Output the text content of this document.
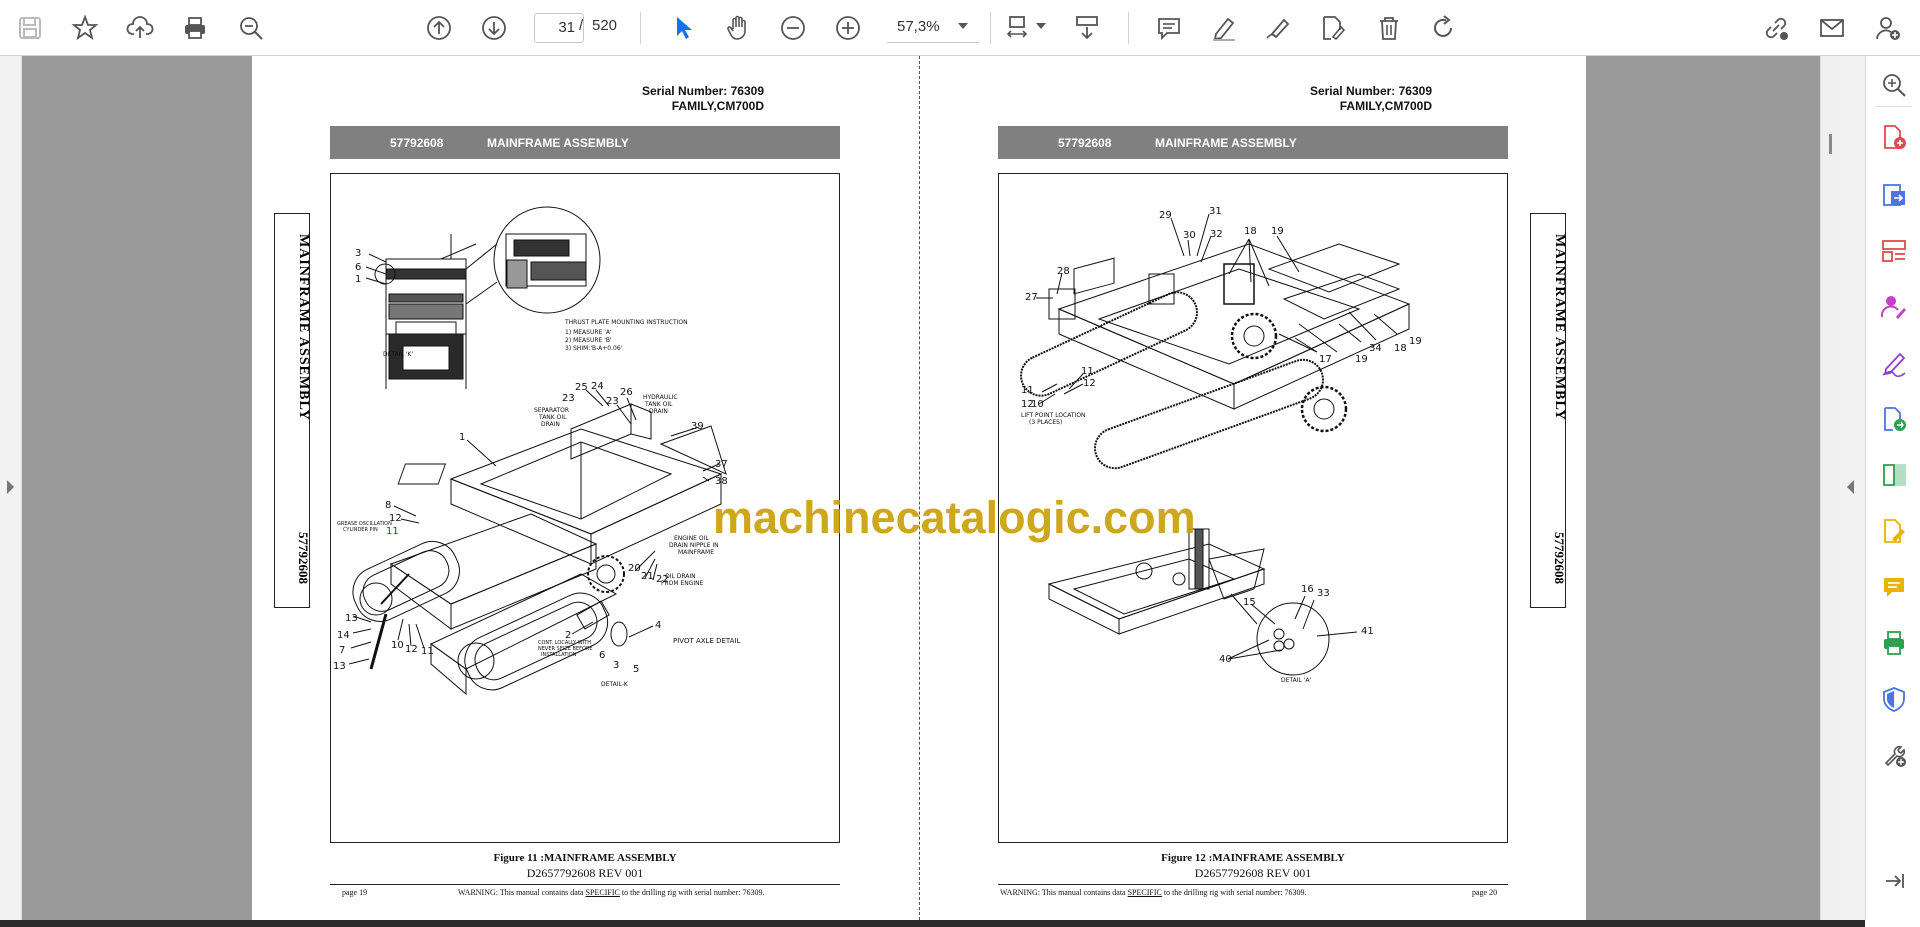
31 / 520	57,3%
Serial Number: 76309
FAMILY,CM700D
57792608	MAINFRAME ASSEMBLY
MAINFRAME ASSEMBLY
57792608
3
6
1
DETAIL 'K'
THRUST PLATE MOUNTING INSTRUCTION
1) MEASURE 'A'
2) MEASURE 'B'
3) SHIM:'B-A+0.06'
25 24
23
26
23
SEPARATOR
TANK OIL
DRAIN
HYDRAULIC
TANK OIL
DRAIN
1
39
37
38
8
12
11
GREASE OSCILLATION
CYLINDER PIN
ENGINE OIL
DRAIN NIPPLE IN
MAINFRAME
20
21 22
OIL DRAIN
FROM ENGINE
13
14
7
13
10 12 11
2
4
PIVOT AXLE DETAIL
CONT. LOCALLY WITH
NEVER SEIZE BEFORE
INSTALLATION 6
3 5
DETAIL-K
Figure 11 :MAINFRAME ASSEMBLY
D2657792608 REV 001
page 19	WARNING: This manual contains data SPECIFIC to the drilling rig with serial number: 76309.
Serial Number: 76309
FAMILY,CM700D
57792608	MAINFRAME ASSEMBLY
MAINFRAME ASSEMBLY
57792608
29	31
30 32 18 19
28
27
17 19
34 18
19
11
12
11
12
10
LIFT POINT LOCATION
(3 PLACES)
16 33
15
41
40
DETAIL 'A'
Figure 12 :MAINFRAME ASSEMBLY
D2657792608 REV 001
WARNING: This manual contains data SPECIFIC to the drilling rig with serial number: 76309.	page 20
machinecatalogic.com
